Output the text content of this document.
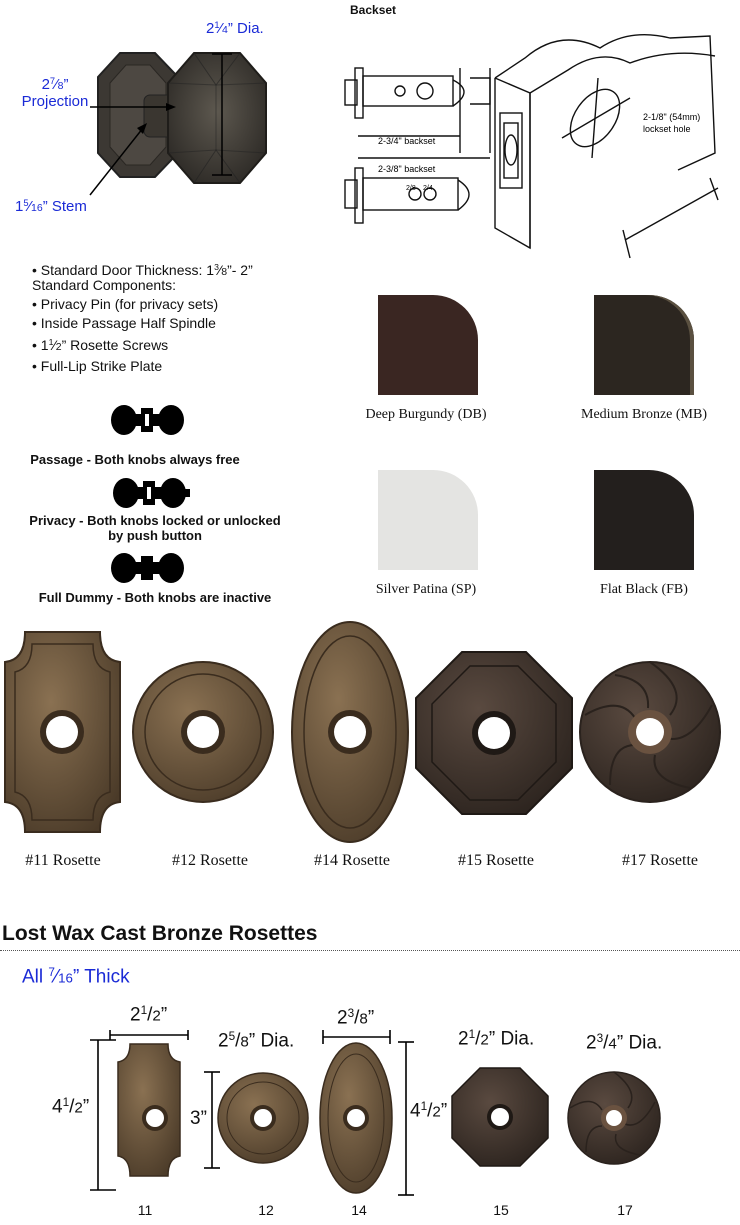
$2^1⁄4$” Dia.
$2^7⁄8$”
Projection
$1^5⁄16$” Stem
Backset
2-3/4" backset
2-3/8" backset
2-1/8" (54mm)
lockset hole
2/8 2/4
• Standard Door Thickness: $1^3⁄8”-$ 2”
Standard Components:
• Privacy Pin (for privacy sets)
• Inside Passage Half Spindle
• $1^1⁄2$” Rosette Screws
• Full-Lip Strike Plate
Passage - Both knobs always free
Privacy - Both knobs locked or unlocked
by push button
Full Dummy - Both knobs are inactive
Deep Burgundy (DB)	Medium Bronze (MB)
Silver Patina (SP)	Flat Black (FB)
#11 Rosette	#12 Rosette	#14 Rosette	#15 Rosette	#17 Rosette
Lost Wax Cast Bronze Rosettes
All $^7$⁄16” Thick
$2^1/2$”
$4^1/2$”
3”
$2^5/8$” Dia.
$2^3/8$”
$4^1/2$”
$2^1/2$” Dia.	$2^3/4$” Dia.
11	12	14	15	17
